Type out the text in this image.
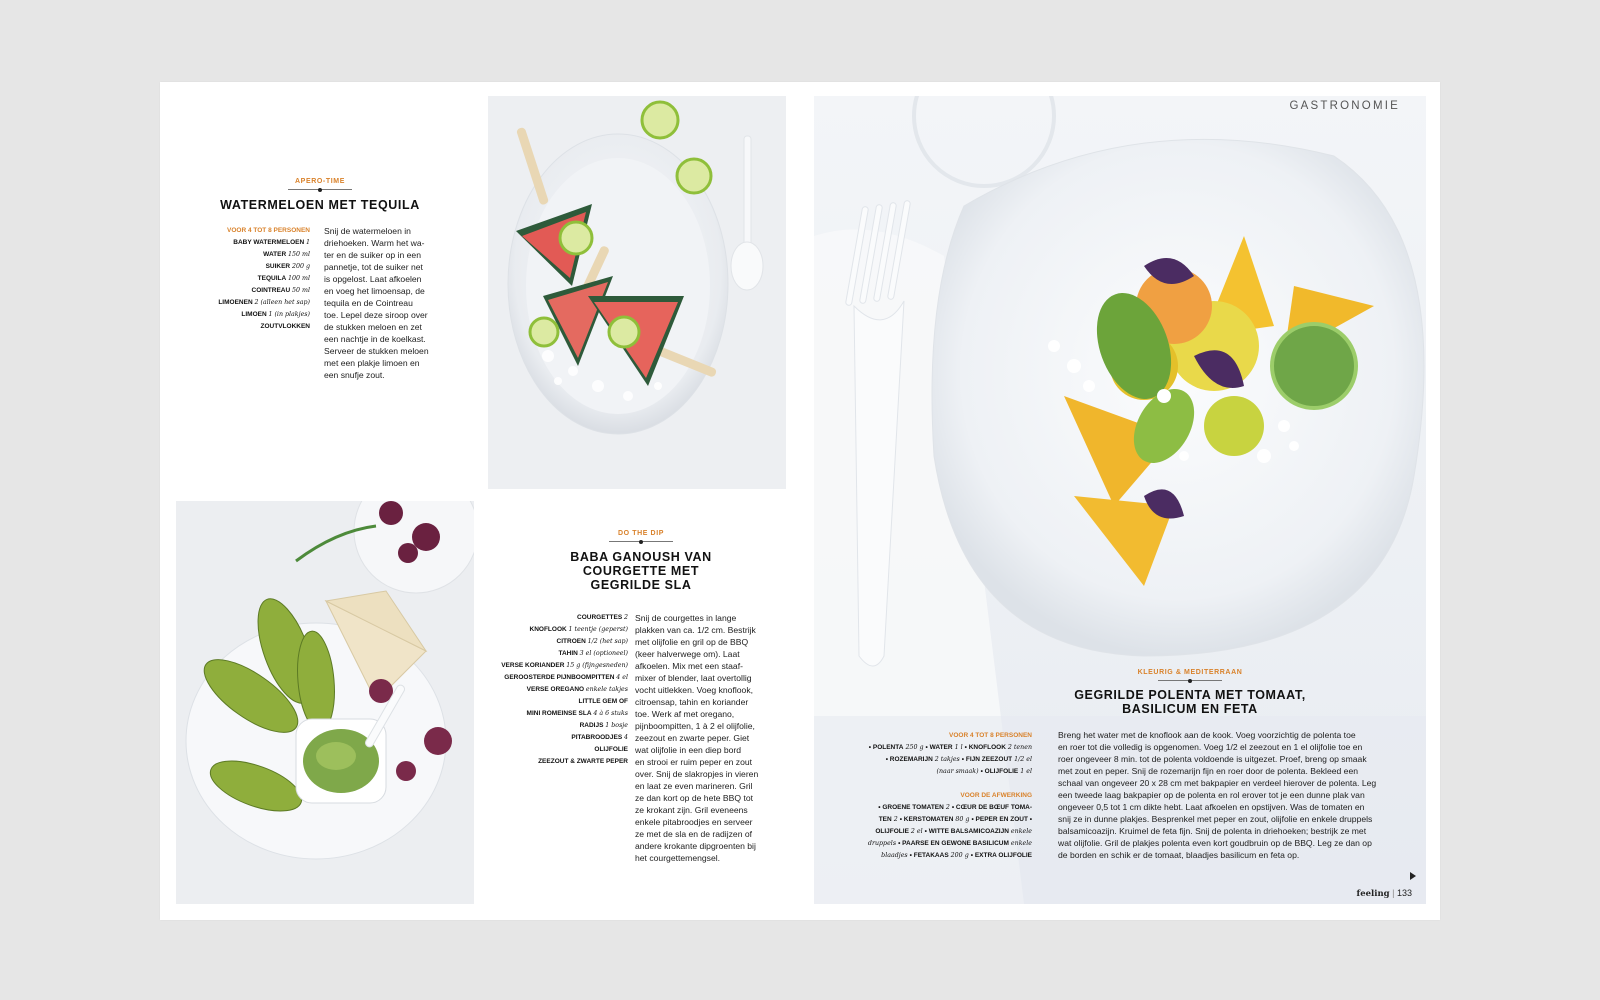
APERO-TIME
WATERMELOEN MET TEQUILA
VOOR 4 TOT 8 PERSONEN
BABY WATERMELOEN 1
WATER 150 ml
SUIKER 200 g
TEQUILA 100 ml
COINTREAU 50 ml
LIMOENEN 2 (alleen het sap)
LIMOEN 1 (in plakjes)
ZOUTVLOKKEN
Snij de watermeloen in
driehoeken. Warm het wa-
ter en de suiker op in een
pannetje, tot de suiker net
is opgelost. Laat afkoelen
en voeg het limoensap, de
tequila en de Cointreau
toe. Lepel deze siroop over
de stukken meloen en zet
een nachtje in de koelkast.
Serveer de stukken meloen
met een plakje limoen en
een snufje zout.
DO THE DIP
BABA GANOUSH VAN
COURGETTE MET
GEGRILDE SLA
COURGETTES 2
KNOFLOOK 1 teentje (geperst)
CITROEN 1/2 (het sap)
TAHIN 3 el (optioneel)
VERSE KORIANDER 15 g (fijngesneden)
GEROOSTERDE PIJNBOOMPITTEN 4 el
VERSE OREGANO enkele takjes
LITTLE GEM OF
MINI ROMEINSE SLA 4 à 6 stuks
RADIJS 1 bosje
PITABROODJES 4
OLIJFOLIE
ZEEZOUT & ZWARTE PEPER
Snij de courgettes in lange
plakken van ca. 1/2 cm. Bestrijk
met olijfolie en gril op de BBQ
(keer halverwege om). Laat
afkoelen. Mix met een staaf-
mixer of blender, laat overtollig
vocht uitlekken. Voeg knoflook,
citroensap, tahin en koriander
toe. Werk af met oregano,
pijnboompitten, 1 à 2 el olijfolie,
zeezout en zwarte peper. Giet
wat olijfolie in een diep bord
en strooi er ruim peper en zout
over. Snij de slakropjes in vieren
en laat ze even marineren. Gril
ze dan kort op de hete BBQ tot
ze krokant zijn. Gril eveneens
enkele pitabroodjes en serveer
ze met de sla en de radijzen of
andere krokante dipgroenten bij
het courgettemengsel.
GASTRONOMIE
KLEURIG & MEDITERRAAN
GEGRILDE POLENTA MET TOMAAT,
BASILICUM EN FETA
VOOR 4 TOT 8 PERSONEN
• POLENTA 250 g • WATER 1 l • KNOFLOOK 2 tenen
• ROZEMARIJN 2 takjes • FIJN ZEEZOUT 1/2 el
(naar smaak) • OLIJFOLIE 1 el
VOOR DE AFWERKING
• GROENE TOMATEN 2 • CŒUR DE BŒUF TOMA-
TEN 2 • KERSTOMATEN 80 g • PEPER EN ZOUT •
OLIJFOLIE 2 el • WITTE BALSAMICOAZIJN enkele
druppels • PAARSE EN GEWONE BASILICUM enkele
blaadjes • FETAKAAS 200 g • EXTRA OLIJFOLIE
Breng het water met de knoflook aan de kook. Voeg voorzichtig de polenta toe
en roer tot die volledig is opgenomen. Voeg 1/2 el zeezout en 1 el olijfolie toe en
roer ongeveer 8 min. tot de polenta voldoende is uitgezet. Proef, breng op smaak
met zout en peper. Snij de rozemarijn fijn en roer door de polenta. Bekleed een
schaal van ongeveer 20 x 28 cm met bakpapier en verdeel hierover de polenta. Leg
een tweede laag bakpapier op de polenta en rol erover tot je een dunne plak van
ongeveer 0,5 tot 1 cm dikte hebt. Laat afkoelen en opstijven. Was de tomaten en
snij ze in dunne plakjes. Besprenkel met peper en zout, olijfolie en enkele druppels
balsamicoazijn. Kruimel de feta fijn. Snij de polenta in driehoeken; bestrijk ze met
wat olijfolie. Gril de plakjes polenta even kort goudbruin op de BBQ. Leg ze dan op
de borden en schik er de tomaat, blaadjes basilicum en feta op.
feeling | 133
